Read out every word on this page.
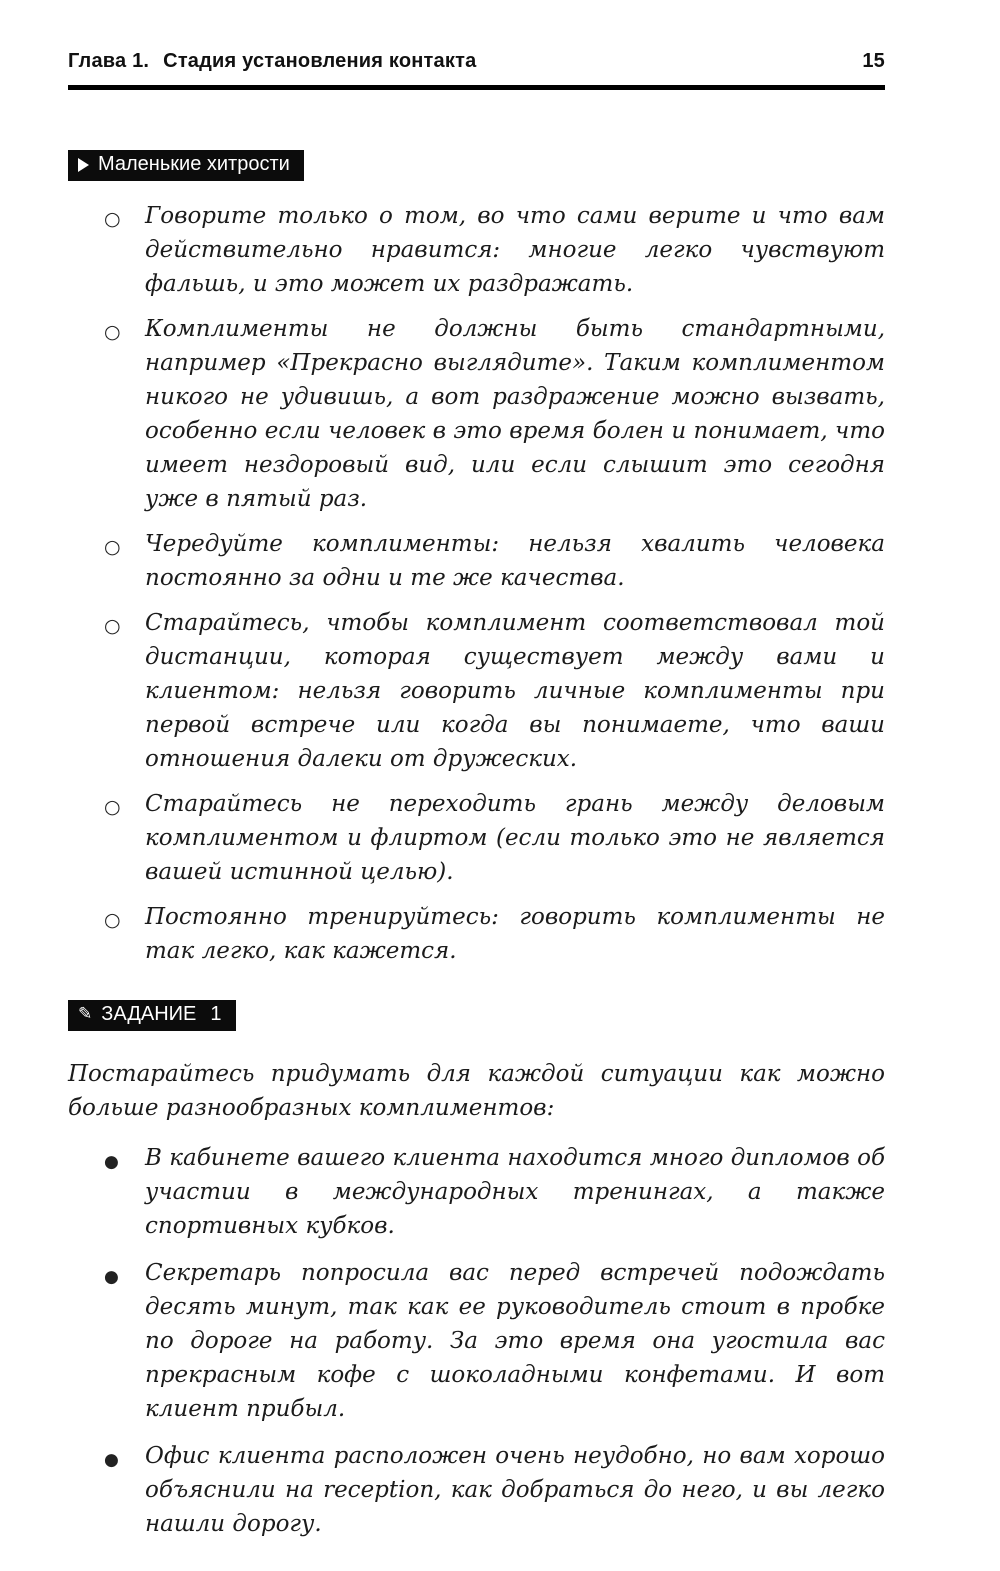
Глава 1. Стадия установления контакта	15
Маленькие хитрости
○	Говорите только о том, во что сами верите и что вам действительно нравится: многие легко чувствуют фальшь, и это может их раздражать.
○	Комплименты не должны быть стандартными, например «Прекрасно выглядите». Таким комплиментом никого не удивишь, а вот раздражение можно вызвать, особенно если человек в это время болен и понимает, что имеет нездоровый вид, или если слышит это сегодня уже в пятый раз.
○	Чередуйте комплименты: нельзя хвалить человека постоянно за одни и те же качества.
○	Старайтесь, чтобы комплимент соответствовал той дистанции, которая существует между вами и клиентом: нельзя говорить личные комплименты при первой встрече или когда вы понимаете, что ваши отношения далеки от дружеских.
○	Старайтесь не переходить грань между деловым комплиментом и флиртом (если только это не является вашей истинной целью).
○	Постоянно тренируйтесь: говорить комплименты не так легко, как кажется.
✎ ЗАДАНИЕ 1
Постарайтесь придумать для каждой ситуации как можно больше разнообразных комплиментов:
●	В кабинете вашего клиента находится много дипломов об участии в международных тренингах, а также спортивных кубков.
●	Секретарь попросила вас перед встречей подождать десять минут, так как ее руководитель стоит в пробке по дороге на работу. За это время она угостила вас прекрасным кофе с шоколадными конфетами. И вот клиент прибыл.
●	Офис клиента расположен очень неудобно, но вам хорошо объяснили на reception, как добраться до него, и вы легко нашли дорогу.
